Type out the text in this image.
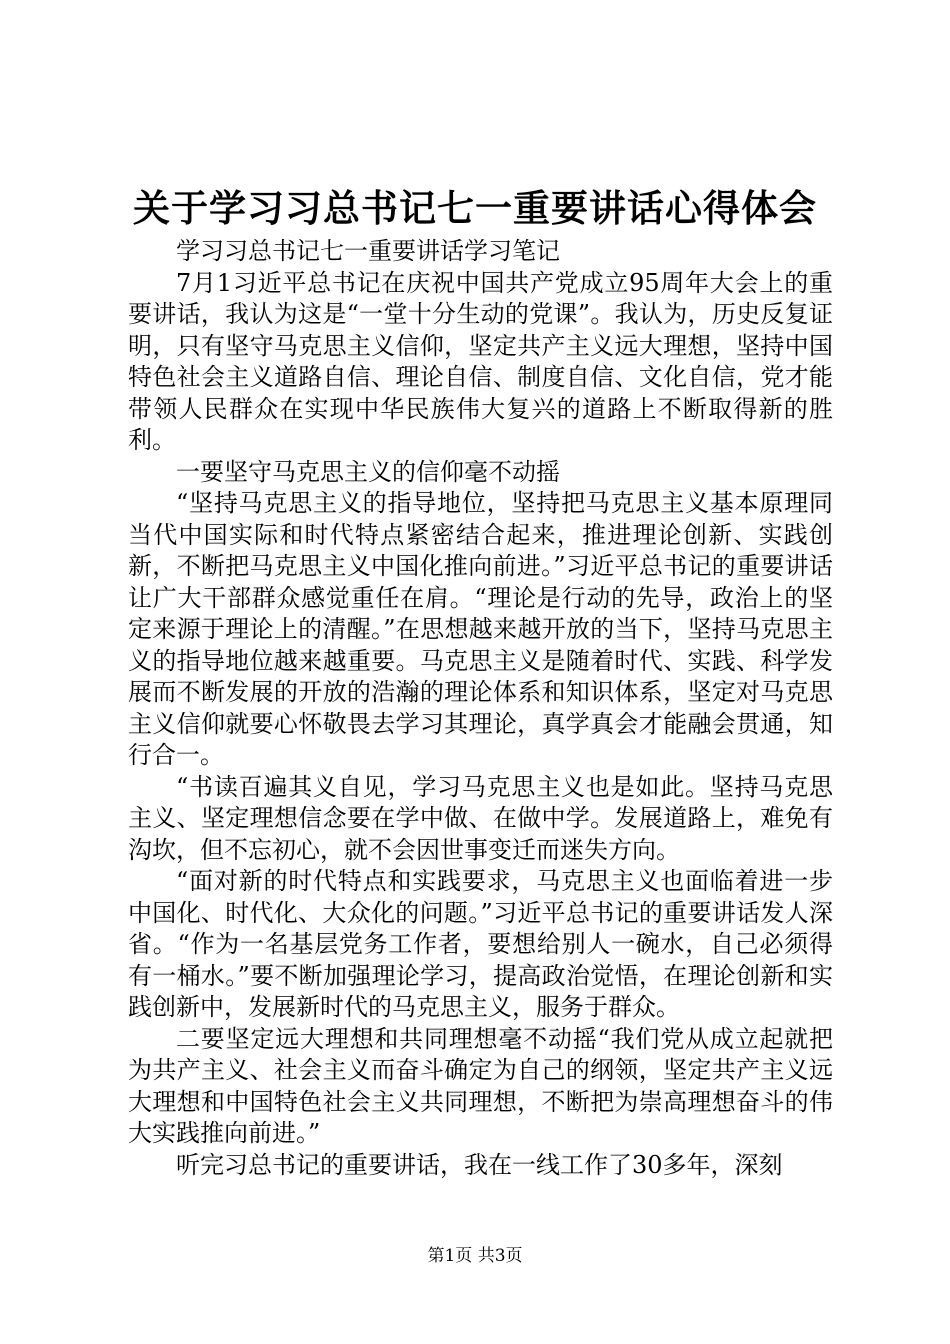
关于学习习总书记七一重要讲话心得体会

学习习总书记七一重要讲话学习笔记

7月1习近平总书记在庆祝中国共产党成立95周年大会上的重要讲话，我认为这是“一堂十分生动的党课”。我认为，历史反复证明，只有坚守马克思主义信仰，坚定共产主义远大理想，坚持中国特色社会主义道路自信、理论自信、制度自信、文化自信，党才能带领人民群众在实现中华民族伟大复兴的道路上不断取得新的胜利。

一要坚守马克思主义的信仰毫不动摇

“坚持马克思主义的指导地位，坚持把马克思主义基本原理同当代中国实际和时代特点紧密结合起来，推进理论创新、实践创新，不断把马克思主义中国化推向前进。”习近平总书记的重要讲话让广大干部群众感觉重任在肩。“理论是行动的先导，政治上的坚定来源于理论上的清醒。”在思想越来越开放的当下，坚持马克思主义的指导地位越来越重要。马克思主义是随着时代、实践、科学发展而不断发展的开放的浩瀚的理论体系和知识体系，坚定对马克思主义信仰就要心怀敬畏去学习其理论，真学真会才能融会贯通，知行合一。

“书读百遍其义自见，学习马克思主义也是如此。坚持马克思主义、坚定理想信念要在学中做、在做中学。发展道路上，难免有沟坎，但不忘初心，就不会因世事变迁而迷失方向。

“面对新的时代特点和实践要求，马克思主义也面临着进一步中国化、时代化、大众化的问题。”习近平总书记的重要讲话发人深省。“作为一名基层党务工作者，要想给别人一碗水，自己必须得有一桶水。”要不断加强理论学习，提高政治觉悟，在理论创新和实践创新中，发展新时代的马克思主义，服务于群众。

二要坚定远大理想和共同理想毫不动摇“我们党从成立起就把为共产主义、社会主义而奋斗确定为自己的纲领，坚定共产主义远大理想和中国特色社会主义共同理想，不断把为崇高理想奋斗的伟大实践推向前进。”

听完习总书记的重要讲话，我在一线工作了30多年，深刻

第1页 共3页
